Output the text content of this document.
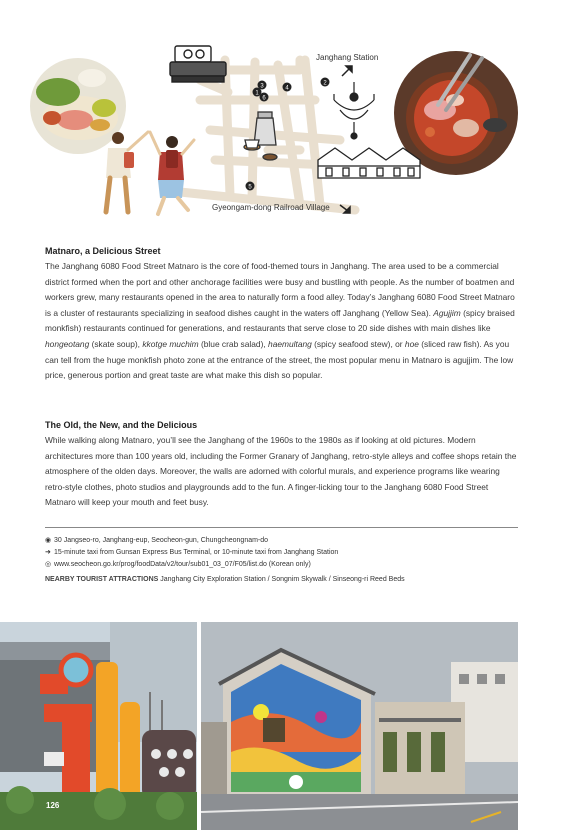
1
2
3	4
5
6
Janghang Station
Gyeongam-dong Railroad Village
Matnaro, a Delicious Street

The Janghang 6080 Food Street Matnaro is the core of food-themed tours in Janghang. The area used to be a commercial district formed when the port and other anchorage facilities were busy and bustling with people. As the number of boatmen and workers grew, many restaurants opened in the area to naturally form a food alley. Today’s Janghang 6080 Food Street Matnaro is a cluster of restaurants specializing in seafood dishes caught in the waters off Janghang (Yellow Sea). Agujjim (spicy braised monkfish) restaurants continued for generations, and restaurants that serve close to 20 side dishes with main dishes like hongeotang (skate soup), kkotge muchim (blue crab salad), haemultang (spicy seafood stew), or hoe (sliced raw fish). As you can tell from the huge monkfish photo zone at the entrance of the street, the most popular menu in Matnaro is agujjim. The low price, generous portion and great taste are what make this dish so popular.

The Old, the New, and the Delicious

While walking along Matnaro, you’ll see the Janghang of the 1960s to the 1980s as if looking at old pictures. Modern architectures more than 100 years old, including the Former Granary of Janghang, retro-style alleys and coffee shops retain the atmosphere of the olden days. Moreover, the walls are adorned with colorful murals, and experience programs like wearing retro-style clothes, photo studios and playgrounds add to the fun. A finger-licking tour to the Janghang 6080 Food Street Matnaro will keep your mouth and feet busy.

◉ 30 Jangseo-ro, Janghang-eup, Seocheon-gun, Chungcheongnam-do
➜ 15-minute taxi from Gunsan Express Bus Terminal, or 10-minute taxi from Janghang Station
◎ www.seocheon.go.kr/prog/foodData/v2/tour/sub01_03_07/F05/list.do (Korean only)
NEARBY TOURIST ATTRACTIONS Janghang City Exploration Station / Songnim Skywalk / Sinseong-ri Reed Beds
126
